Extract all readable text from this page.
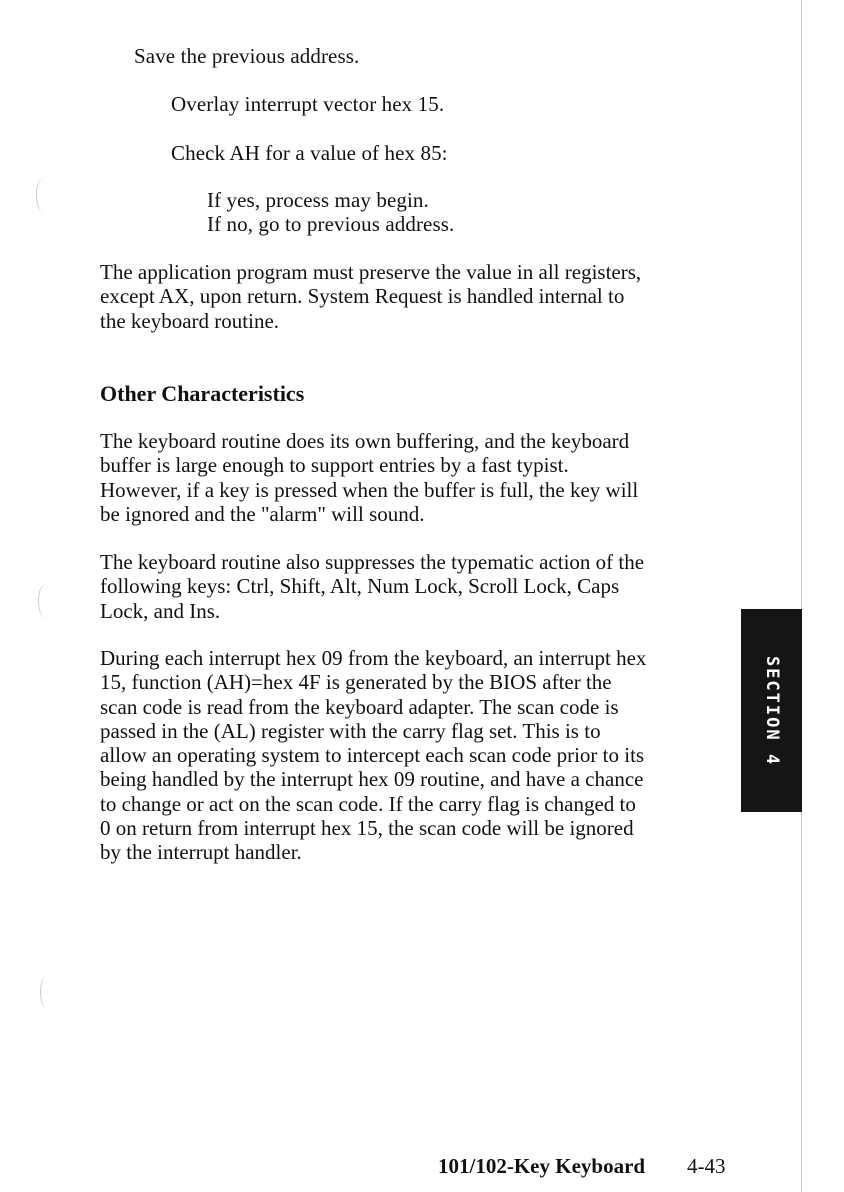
Save the previous address.
Overlay interrupt vector hex 15.
Check AH for a value of hex 85:
If yes, process may begin.
If no, go to previous address.

The application program must preserve the value in all registers,
except AX, upon return. System Request is handled internal to
the keyboard routine.

Other Characteristics

The keyboard routine does its own buffering, and the keyboard
buffer is large enough to support entries by a fast typist.
However, if a key is pressed when the buffer is full, the key will
be ignored and the "alarm" will sound.

The keyboard routine also suppresses the typematic action of the
following keys: Ctrl, Shift, Alt, Num Lock, Scroll Lock, Caps
Lock, and Ins.

During each interrupt hex 09 from the keyboard, an interrupt hex
15, function (AH)=hex 4F is generated by the BIOS after the
scan code is read from the keyboard adapter. The scan code is
passed in the (AL) register with the carry flag set. This is to
allow an operating system to intercept each scan code prior to its
being handled by the interrupt hex 09 routine, and have a chance
to change or act on the scan code. If the carry flag is changed to
0 on return from interrupt hex 15, the scan code will be ignored
by the interrupt handler.

SECTION 4
101/102-Key Keyboard 4-43
